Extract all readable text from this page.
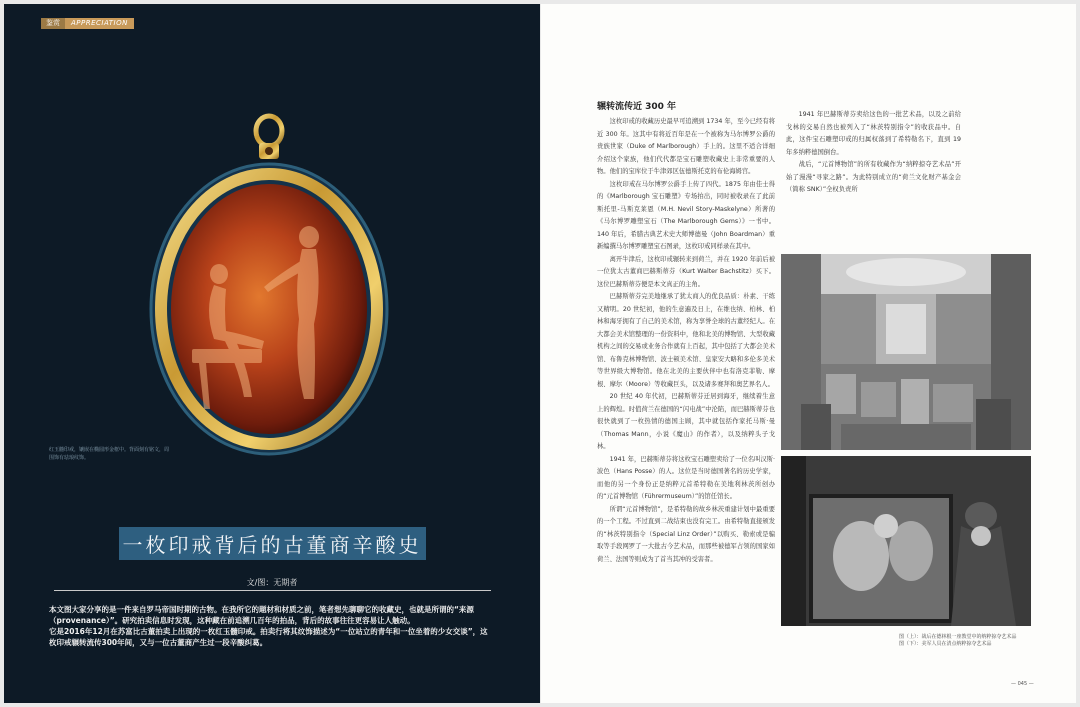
鉴赏	APPRECIATION
红玉髓印戒，镶嵌在椭圆形金框中。背面刻有铭文，周围饰有珐琅纹饰。
一枚印戒背后的古董商辛酸史
文/图：无期者

本文图大家分享的是一件来自罗马帝国时期的古物。在我所它的题材和材质之前，笔者想先聊聊它的收藏史，也就是所谓的“来源（provenance）”。研究拍卖信息时发现，这种藏在前追溯几百年的拍品，背后的故事往往更容易让人触动。

它是2016年12月在苏富比古董拍卖上出现的一枚红玉髓印戒。拍卖行将其纹饰描述为“一位站立的青年和一位坐着的少女交谈”，这枚印戒辗转流传300年间，又与一位古董商产生过一段辛酸纠葛。

辗转流传近 300 年

这枚印戒的收藏历史最早可追溯到 1734 年，至今已经有将近 300 年。这其中有将近百年是在一个被称为马尔博罗公爵的贵族世家（Duke of Marlborough）手上的。这里不适合详细介绍这个家族，他们代代都是宝石雕塑收藏史上非常重要的人物。他们的宝库位于牛津郊区伍德斯托克的布伦海姆宫。

这枚印戒在马尔博罗公爵手上传了四代。1875 年由佳士得的《Marlborough 宝石雕塑》专场拍出，同时被收录在了此前斯托里-马斯克莱恩（M.H. Nevil Story-Maskelyne）所著的《马尔博罗雕塑宝石（The Marlborough Gems）》一书中。140 年后，希腊古典艺术史大师博德曼（John Boardman）重新编撰马尔博罗雕塑宝石图录，这枚印戒同样录在其中。

离开牛津后，这枚印戒辗转来到荷兰，并在 1920 年前后被一位犹太古董商巴赫斯蒂芬（Kurt Walter Bachstitz）买下。这位巴赫斯蒂芬便是本文真正的主角。

巴赫斯蒂芬完美地继承了犹太商人的优良品质：朴素、干练又精明。20 世纪初，他的生意遍及日上，在维也纳、柏林、柏林和海牙拥有了自己的美术馆，称为享誉全球的古董经纪人。在大都会美术馆整理的一份资料中，他和北美的博物馆、大型收藏机构之间的交易或业务合作就有上百起，其中包括了大都会美术馆、布鲁克林博物馆、波士顿美术馆、皇家安大略和多伦多美术等世界级大博物馆。他在北美的主要伙伴中也有洛克菲勒、摩根、摩尔（Moore）等收藏巨头，以及诸多赛拜和奥艺界名人。

20 世纪 40 年代初，巴赫斯蒂芬迁居到海牙，继续着生意上的辉煌。时值荷兰在德国的“闪电战”中沦陷，而巴赫斯蒂芬也很快就到了一枚热情的德国主顾，其中就包括作家托马斯·曼（Thomas Mann，小说《魔山》的作者），以及纳粹头子戈林。

1941 年，巴赫斯蒂芬将这枚宝石雕塑卖给了一位名叫汉斯·波色（Hans Posse）的人。这位是当时德国著名的历史学家，而他的另一个身份正是纳粹元首希特勒在美地利林茨所创办的“元首博物馆（Führermuseum）”的馆任馆长。

所谓“元首博物馆”，是希特勒的故乡林茨重建计划中最重要的一个工程。不过直到二战结束也没有完工。由希特勒直接颁发的“林茨特别指令（Special Linz Order）”以购买、勒索或是骗取等手段网罗了一大批古今艺术品，而那些被德军占领的国家如荷兰、法国等则成为了首当其冲的受害者。

1941 年巴赫斯蒂芬卖给这色的一批艺术品，以及之前给戈林的交易自然也被列入了“林茨特别指令”的收获品中。自此，这件宝石雕塑印戒的归属权落到了希特勒名下，直到 19 年多纳粹德国倒台。

战后，“元首博物馆”的所有收藏作为“纳粹掠夺艺术品”开始了漫漫“寻家之路”。为此特别成立的“荷兰文化财产基金会（简称 SNK）”全权负责所

图（上）：战后在德林根一座教堂中的纳粹掠夺艺术品
图（下）：美军人员在清点纳粹掠夺艺术品
— 045 —
